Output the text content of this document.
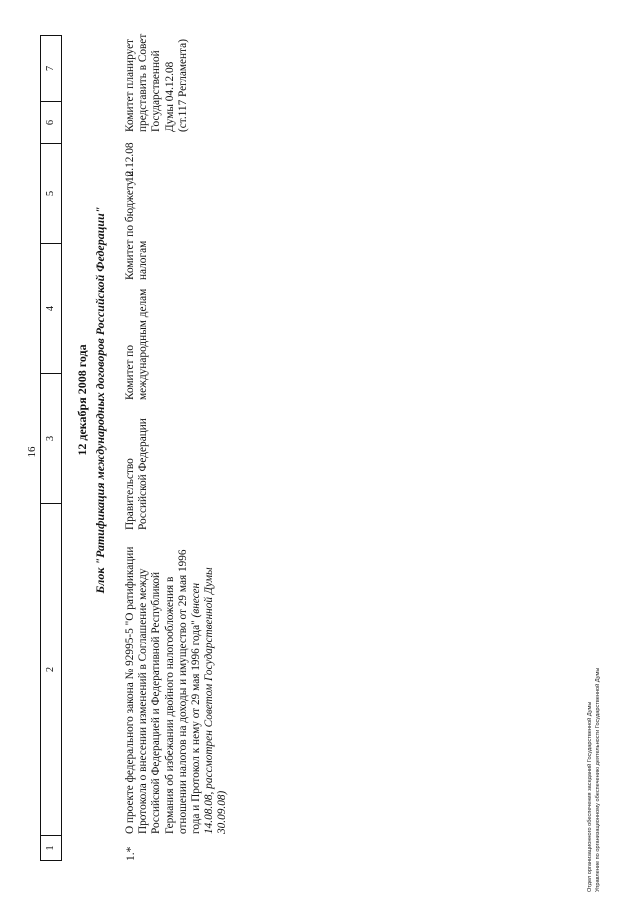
16
1
2
3
4
5
6
7
12 декабря 2008 года Блок "Ратификация международных договоров Российской Федерации"
1.*
О проекте федерального закона № 92995-5 "О ратификации Протокола о внесении изменений в Соглашение между Российской Федерацией и Федеративной Республикой Германия об избежании двойного налогообложения в отношении налогов на доходы и имущество от 29 мая 1996 года и Протокол к нему от 29 мая 1996 года" (внесен 14.08.08, рассмотрен Советом Государственной Думы 30.09.08)
Правительство Российской Федерации
Комитет по международным делам
Комитет по бюджету и налогам
12.12.08
Комитет планирует представить в Совет Государственной Думы 04.12.08 (ст.117 Регламента)
Отдел организационного обеспечения заседаний Государственной Думы Управление по организационному обеспечению деятельности Государственной Думы
